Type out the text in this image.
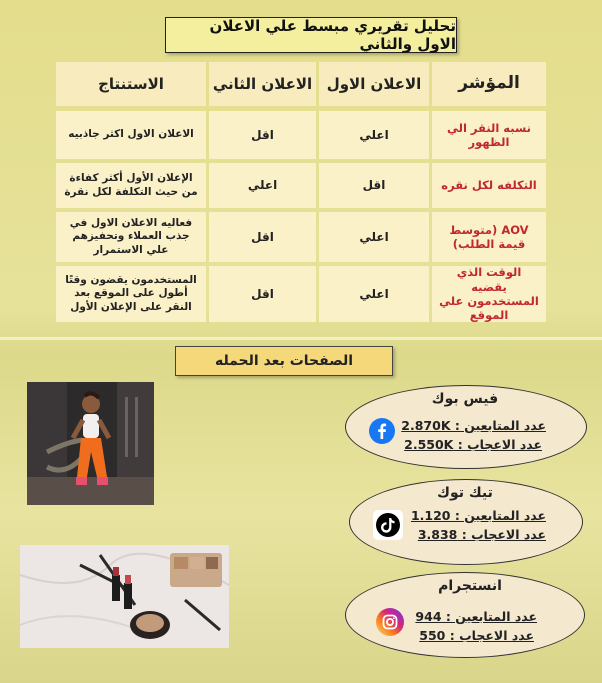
تحليل تقريري مبسط علي الاعلان الاول والثاني
المؤشر
الاعلان الاول
الاعلان الثاني
الاستنتاج
نسبه النقر الي الظهور
اعلي
اقل
الاعلان الاول اكثر جاذبيه
التكلفه لكل نقره
اقل
اعلي
الإعلان الأول أكثر كفاءة من حيث التكلفة لكل نقرة
AOV (متوسط قيمة الطلب)
اعلي
اقل
فعاليه الاعلان الاول في جذب العملاء وتحفيزهم علي الاستمرار
الوقت الذي يقضيه المستخدمون علي الموقع
اعلي
اقل
المستخدمون يقضون وقتًا أطول على الموقع بعد النقر على الإعلان الأول
الصفحات بعد الحمله
فيس بوك
عدد المتابعين : 2.870K
عدد الاعجاب : 2.550K
تيك توك
عدد المتابعين : 1.120
عدد الاعجاب : 3.838
انستجرام
عدد المتابعين : 944
عدد الاعجاب : 550
